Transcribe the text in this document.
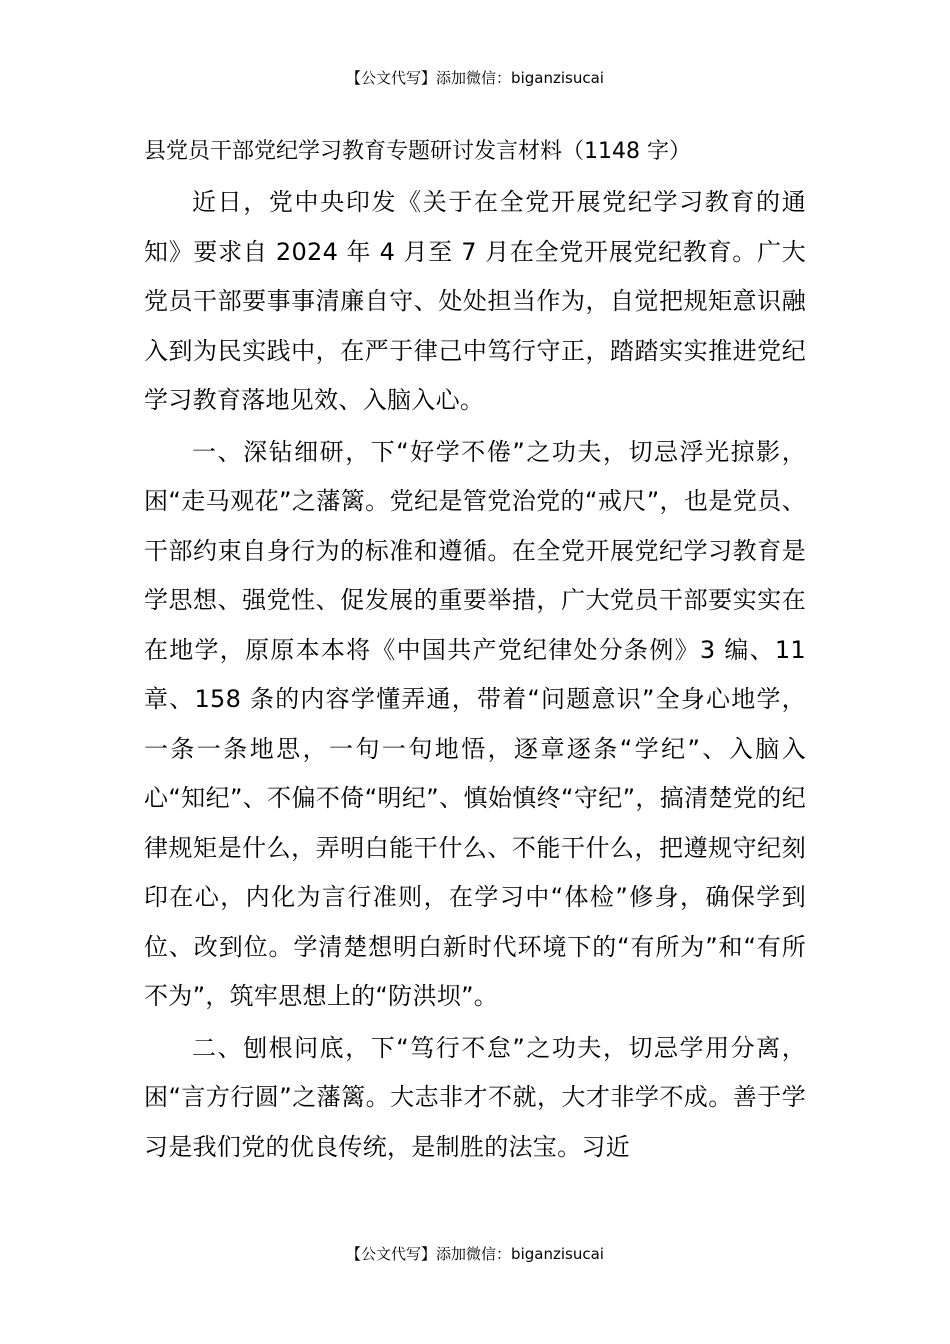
【公文代写】添加微信：biganzisucai
县党员干部党纪学习教育专题研讨发言材料（1148 字）

近日，党中央印发《关于在全党开展党纪学习教育的通知》要求自 2024 年 4 月至 7 月在全党开展党纪教育。广大党员干部要事事清廉自守、处处担当作为，自觉把规矩意识融入到为民实践中，在严于律己中笃行守正，踏踏实实推进党纪学习教育落地见效、入脑入心。

一、深钻细研，下“好学不倦”之功夫，切忌浮光掠影，困“走马观花”之藩篱。党纪是管党治党的“戒尺”，也是党员、干部约束自身行为的标准和遵循。在全党开展党纪学习教育是学思想、强党性、促发展的重要举措，广大党员干部要实实在在地学，原原本本将《中国共产党纪律处分条例》3 编、11 章、158 条的内容学懂弄通，带着“问题意识”全身心地学，一条一条地思，一句一句地悟，逐章逐条“学纪”、入脑入心“知纪”、不偏不倚“明纪”、慎始慎终“守纪”，搞清楚党的纪律规矩是什么，弄明白能干什么、不能干什么，把遵规守纪刻印在心，内化为言行准则，在学习中“体检”修身，确保学到位、改到位。学清楚想明白新时代环境下的“有所为”和“有所不为”，筑牢思想上的“防洪坝”。

二、刨根问底，下“笃行不怠”之功夫，切忌学用分离，困“言方行圆”之藩篱。大志非才不就，大才非学不成。善于学习是我们党的优良传统，是制胜的法宝。习近

【公文代写】添加微信：biganzisucai
